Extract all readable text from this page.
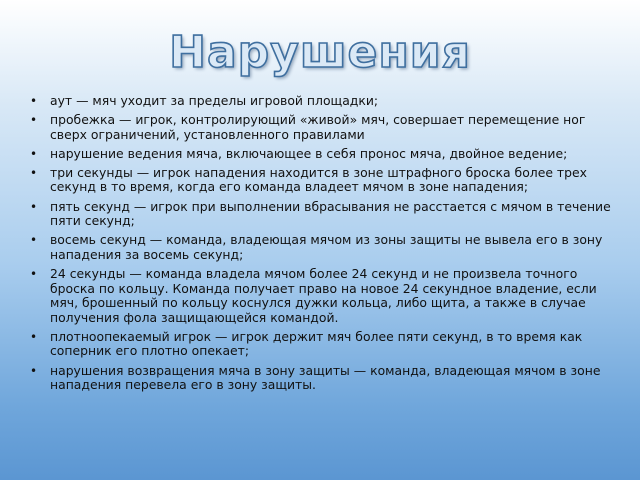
Нарушения
• аут — мяч уходит за пределы игровой площадки;
• пробежка — игрок, контролирующий «живой» мяч, совершает перемещение ног сверх ограничений, установленного правилами
• нарушение ведения мяча, включающее в себя пронос мяча, двойное ведение;
• три секунды — игрок нападения находится в зоне штрафного броска более трех секунд в то время, когда его команда владеет мячом в зоне нападения;
• пять секунд — игрок при выполнении вбрасывания не расстается с мячом в течение пяти секунд;
• восемь секунд — команда, владеющая мячом из зоны защиты не вывела его в зону нападения за восемь секунд;
• 24 секунды — команда владела мячом более 24 секунд и не произвела точного броска по кольцу. Команда получает право на новое 24 секундное владение, если мяч, брошенный по кольцу коснулся дужки кольца, либо щита, а также в случае получения фола защищающейся командой.
• плотноопекаемый игрок — игрок держит мяч более пяти секунд, в то время как соперник его плотно опекает;
• нарушения возвращения мяча в зону защиты — команда, владеющая мячом в зоне нападения перевела его в зону защиты.
